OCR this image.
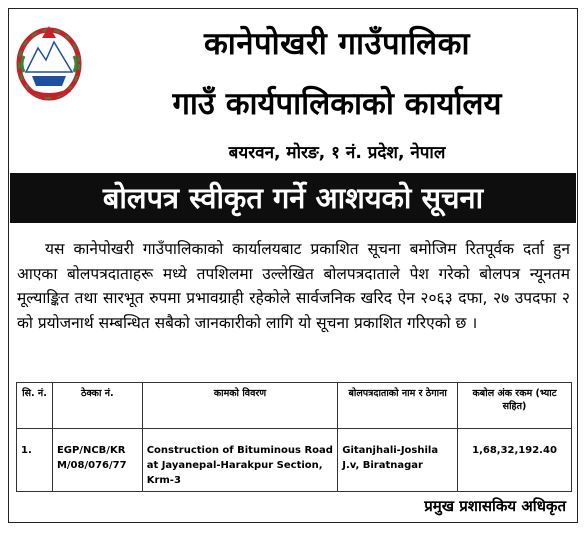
कानेपोखरी गाउँपालिका
गाउँ कार्यपालिकाको कार्यालय
बयरवन, मोरङ, १ नं. प्रदेश, नेपाल
बोलपत्र स्वीकृत गर्ने आशयको सूचना
यस कानेपोखरी गाउँपालिकाको कार्यालयबाट प्रकाशित सूचना बमोजिम रितपूर्वक दर्ता हुन आएका बोलपत्रदाताहरू मध्ये तपशिलमा उल्लेखित बोलपत्रदाताले पेश गरेको बोलपत्र न्यूनतम मूल्याङ्कित तथा सारभूत रुपमा प्रभावग्राही रहेकोले सार्वजनिक खरिद ऐन २०६३ दफा, २७ उपदफा २ को प्रयोजनार्थ सम्बन्धित सबैको जानकारीको लागि यो सूचना प्रकाशित गरिएको छ ।
सि. नं.	ठेक्का नं.	कामको विवरण	बोलपत्रदाताको नाम र ठेगाना	कबोल अंक रकम (भ्याट सहित)
1.	EGP/NCB/KRM/08/076/77	Construction of Bituminous Road at Jayanepal-Harakpur Section, Krm-3	Gitanjhali-Joshila J.v, Biratnagar	1,68,32,192.40
प्रमुख प्रशासकिय अधिकृत
